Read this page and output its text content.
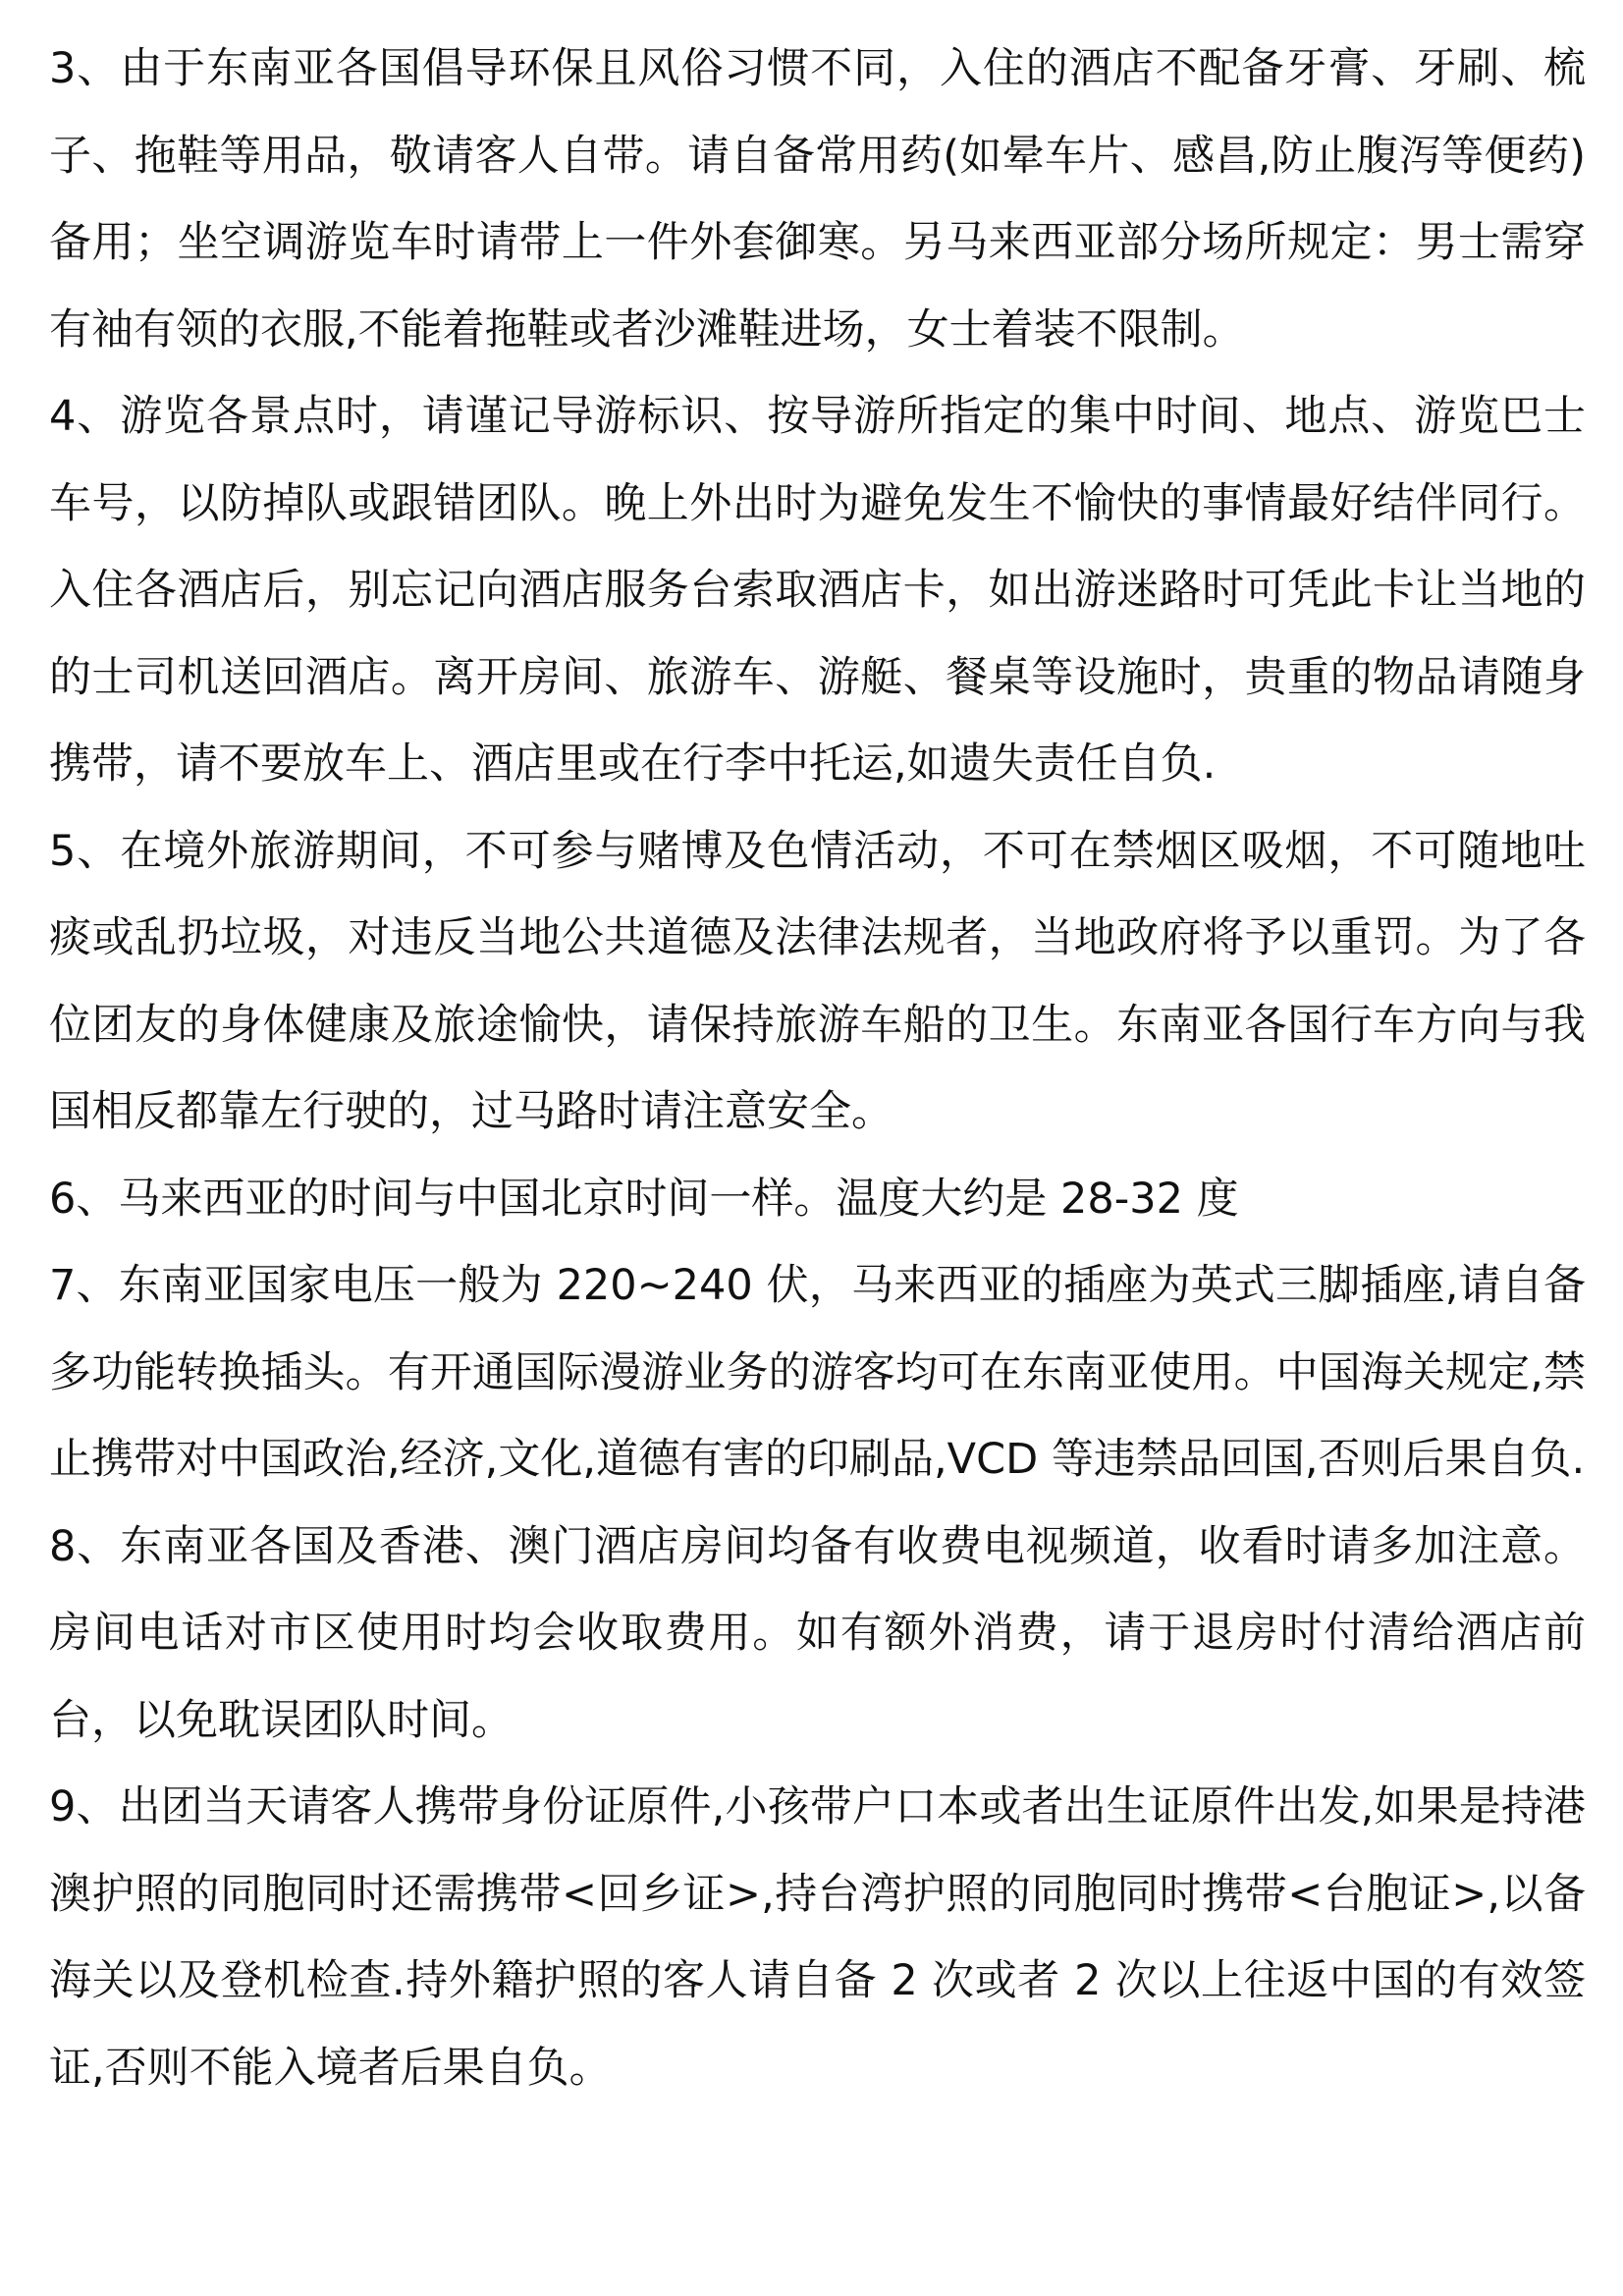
3、由于东南亚各国倡导环保且风俗习惯不同，入住的酒店不配备牙膏、牙刷、梳子、拖鞋等用品，敬请客人自带。请自备常用药(如晕车片、感昌,防止腹泻等便药)备用；坐空调游览车时请带上一件外套御寒。另马来西亚部分场所规定：男士需穿有袖有领的衣服,不能着拖鞋或者沙滩鞋进场，女士着装不限制。

4、游览各景点时，请谨记导游标识、按导游所指定的集中时间、地点、游览巴士车号，以防掉队或跟错团队。晚上外出时为避免发生不愉快的事情最好结伴同行。入住各酒店后，别忘记向酒店服务台索取酒店卡，如出游迷路时可凭此卡让当地的的士司机送回酒店。离开房间、旅游车、游艇、餐桌等设施时，贵重的物品请随身携带，请不要放车上、酒店里或在行李中托运,如遗失责任自负.

5、在境外旅游期间，不可参与赌博及色情活动，不可在禁烟区吸烟，不可随地吐痰或乱扔垃圾，对违反当地公共道德及法律法规者，当地政府将予以重罚。为了各位团友的身体健康及旅途愉快，请保持旅游车船的卫生。东南亚各国行车方向与我国相反都靠左行驶的，过马路时请注意安全。

6、马来西亚的时间与中国北京时间一样。温度大约是 28-32 度

7、东南亚国家电压一般为 220~240 伏，马来西亚的插座为英式三脚插座,请自备多功能转换插头。有开通国际漫游业务的游客均可在东南亚使用。中国海关规定,禁止携带对中国政治,经济,文化,道德有害的印刷品,VCD 等违禁品回国,否则后果自负.

8、东南亚各国及香港、澳门酒店房间均备有收费电视频道，收看时请多加注意。房间电话对市区使用时均会收取费用。如有额外消费，请于退房时付清给酒店前台，以免耽误团队时间。

9、出团当天请客人携带身份证原件,小孩带户口本或者出生证原件出发,如果是持港澳护照的同胞同时还需携带<回乡证>,持台湾护照的同胞同时携带<台胞证>,以备海关以及登机检查.持外籍护照的客人请自备 2 次或者 2 次以上往返中国的有效签证,否则不能入境者后果自负。
